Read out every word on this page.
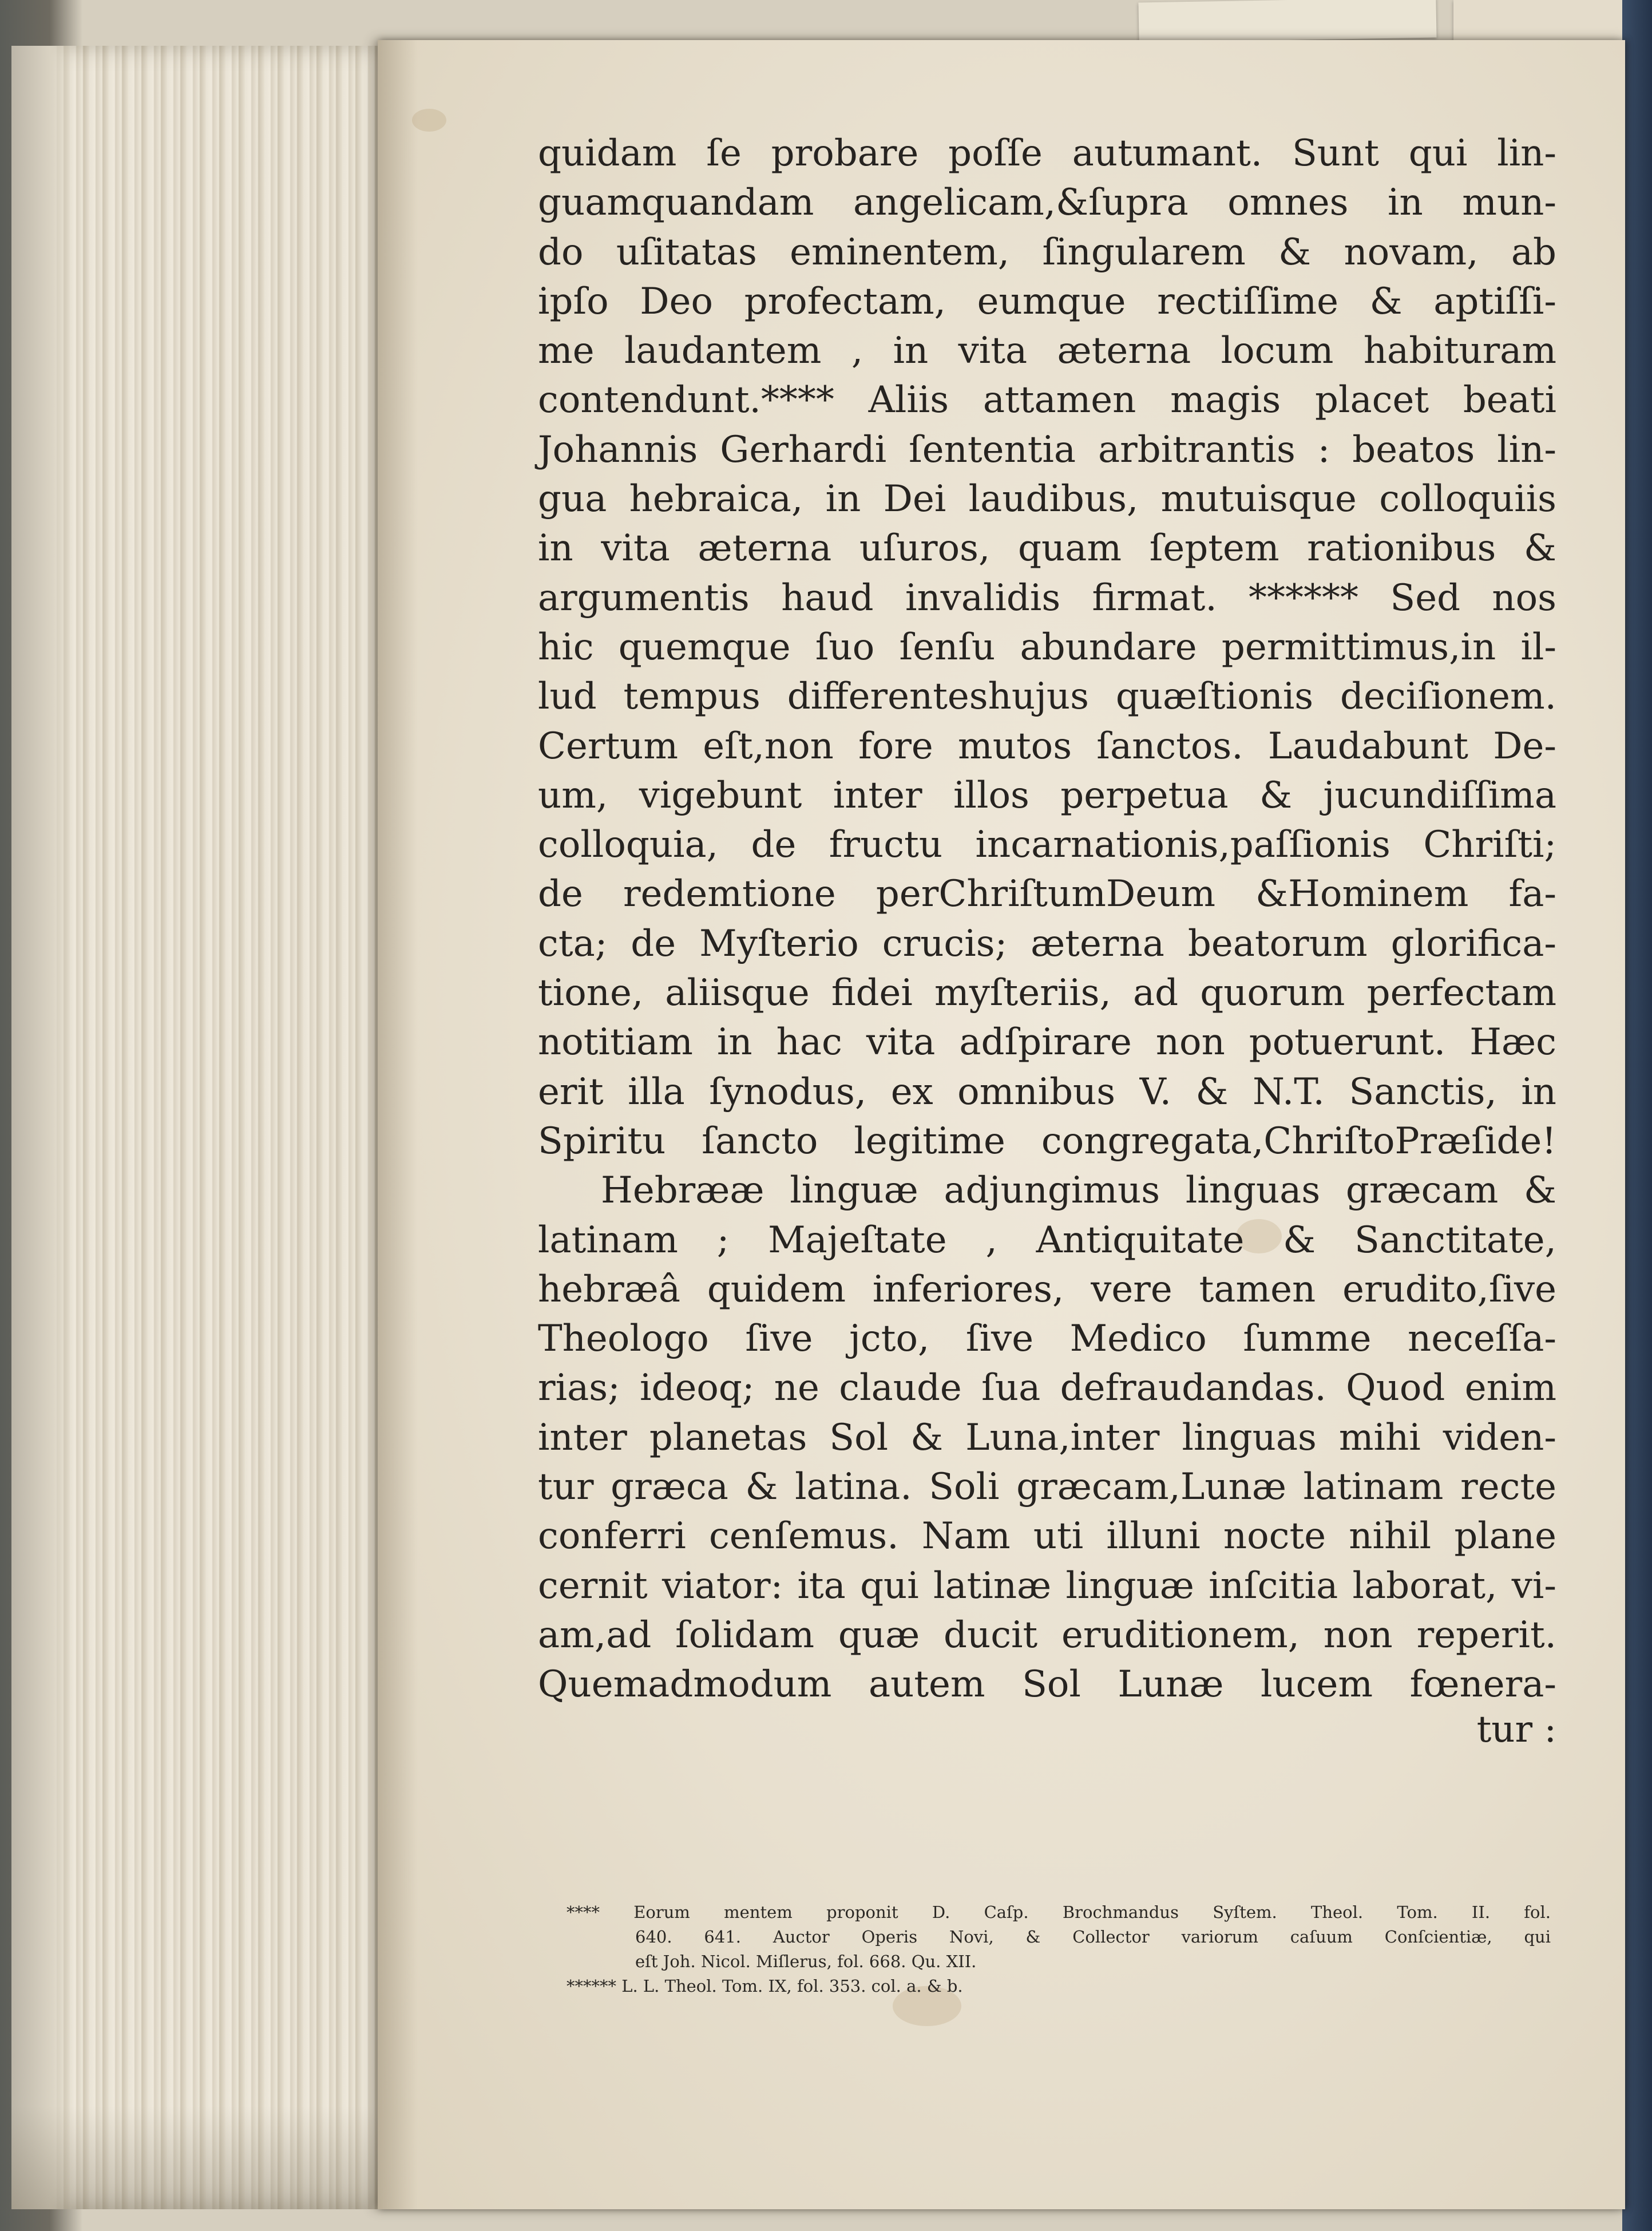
quidam ſe probare poſſe autumant. Sunt qui lin-
guamquandam angelicam,&ſupra omnes in mun-
do uſitatas eminentem, ſingularem & novam, ab
ipſo Deo profectam, eumque rectiſſime & aptiſſi-
me laudantem , in vita æterna locum habituram
contendunt.**** Aliis attamen magis placet beati
Johannis Gerhardi ſententia arbitrantis : beatos lin-
gua hebraica, in Dei laudibus, mutuisque colloquiis
in vita æterna uſuros, quam ſeptem rationibus &
argumentis haud invalidis firmat. ****** Sed nos
hic quemque ſuo ſenſu abundare permittimus,in il-
lud tempus differenteshujus quæſtionis deciſionem.
Certum eſt,non fore mutos ſanctos. Laudabunt De-
um, vigebunt inter illos perpetua & jucundiſſima
colloquia, de fructu incarnationis,paſſionis Chriſti;
de redemtione perChriſtumDeum &Hominem fa-
cta; de Myſterio crucis; æterna beatorum glorifica-
tione, aliisque fidei myſteriis, ad quorum perfectam
notitiam in hac vita adſpirare non potuerunt. Hæc
erit illa ſynodus, ex omnibus V. & N.T. Sanctis, in
Spiritu ſancto legitime congregata,ChriſtoPræſide!
Hebrææ linguæ adjungimus linguas græcam &
latinam ; Majeſtate , Antiquitate & Sanctitate,
hebræâ quidem inferiores, vere tamen erudito,ſive
Theologo ſive jcto, ſive Medico ſumme neceſſa-
rias; ideoq; ne claude ſua defraudandas. Quod enim
inter planetas Sol & Luna,inter linguas mihi viden-
tur græca & latina. Soli græcam,Lunæ latinam recte
conferri cenſemus. Nam uti illuni nocte nihil plane
cernit viator: ita qui latinæ linguæ inſcitia laborat, vi-
am,ad ſolidam quæ ducit eruditionem, non reperit.
Quemadmodum autem Sol Lunæ lucem fœnera-
tur :
**** Eorum mentem proponit D. Caſp. Brochmandus Syſtem. Theol. Tom. II. fol.
640. 641. Auctor Operis Novi, & Collector variorum caſuum Conſcientiæ, qui
eſt Joh. Nicol. Miſlerus, fol. 668. Qu. XII.
****** L. L. Theol. Tom. IX, fol. 353. col. a. & b.
